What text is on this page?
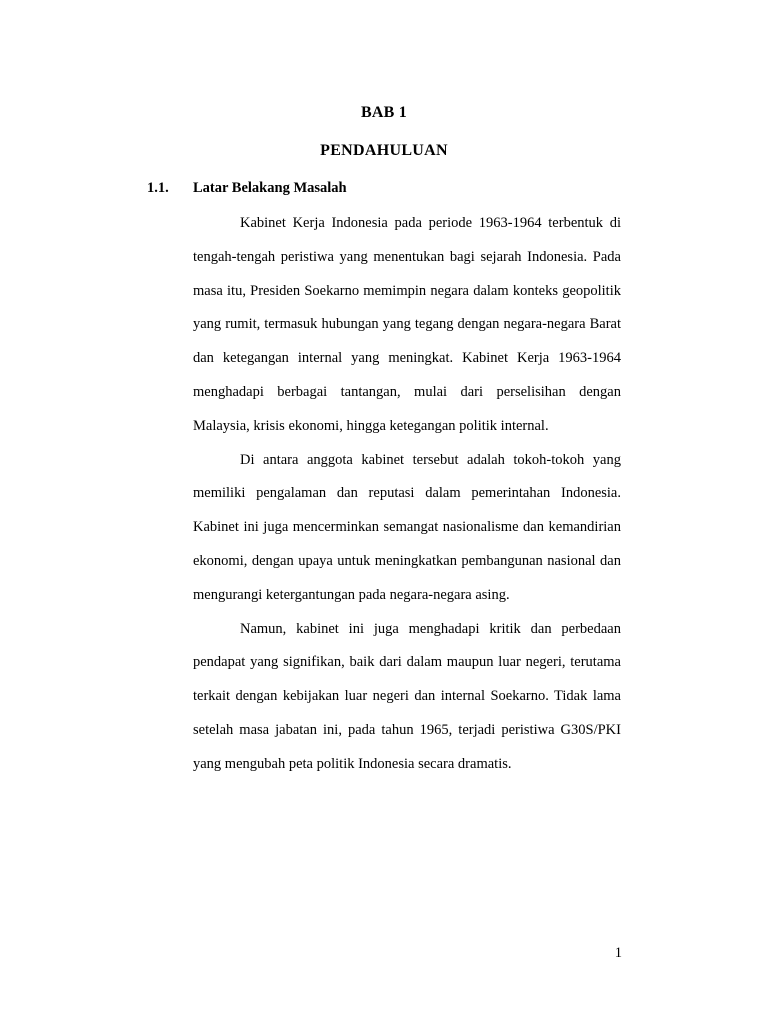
BAB 1
PENDAHULUAN
1.1. Latar Belakang Masalah

Kabinet Kerja Indonesia pada periode 1963-1964 terbentuk di tengah-tengah peristiwa yang menentukan bagi sejarah Indonesia. Pada masa itu, Presiden Soekarno memimpin negara dalam konteks geopolitik yang rumit, termasuk hubungan yang tegang dengan negara-negara Barat dan ketegangan internal yang meningkat. Kabinet Kerja 1963-1964 menghadapi berbagai tantangan, mulai dari perselisihan dengan Malaysia, krisis ekonomi, hingga ketegangan politik internal.

Di antara anggota kabinet tersebut adalah tokoh-tokoh yang memiliki pengalaman dan reputasi dalam pemerintahan Indonesia. Kabinet ini juga mencerminkan semangat nasionalisme dan kemandirian ekonomi, dengan upaya untuk meningkatkan pembangunan nasional dan mengurangi ketergantungan pada negara-negara asing.

Namun, kabinet ini juga menghadapi kritik dan perbedaan pendapat yang signifikan, baik dari dalam maupun luar negeri, terutama terkait dengan kebijakan luar negeri dan internal Soekarno. Tidak lama setelah masa jabatan ini, pada tahun 1965, terjadi peristiwa G30S/PKI yang mengubah peta politik Indonesia secara dramatis.

1
